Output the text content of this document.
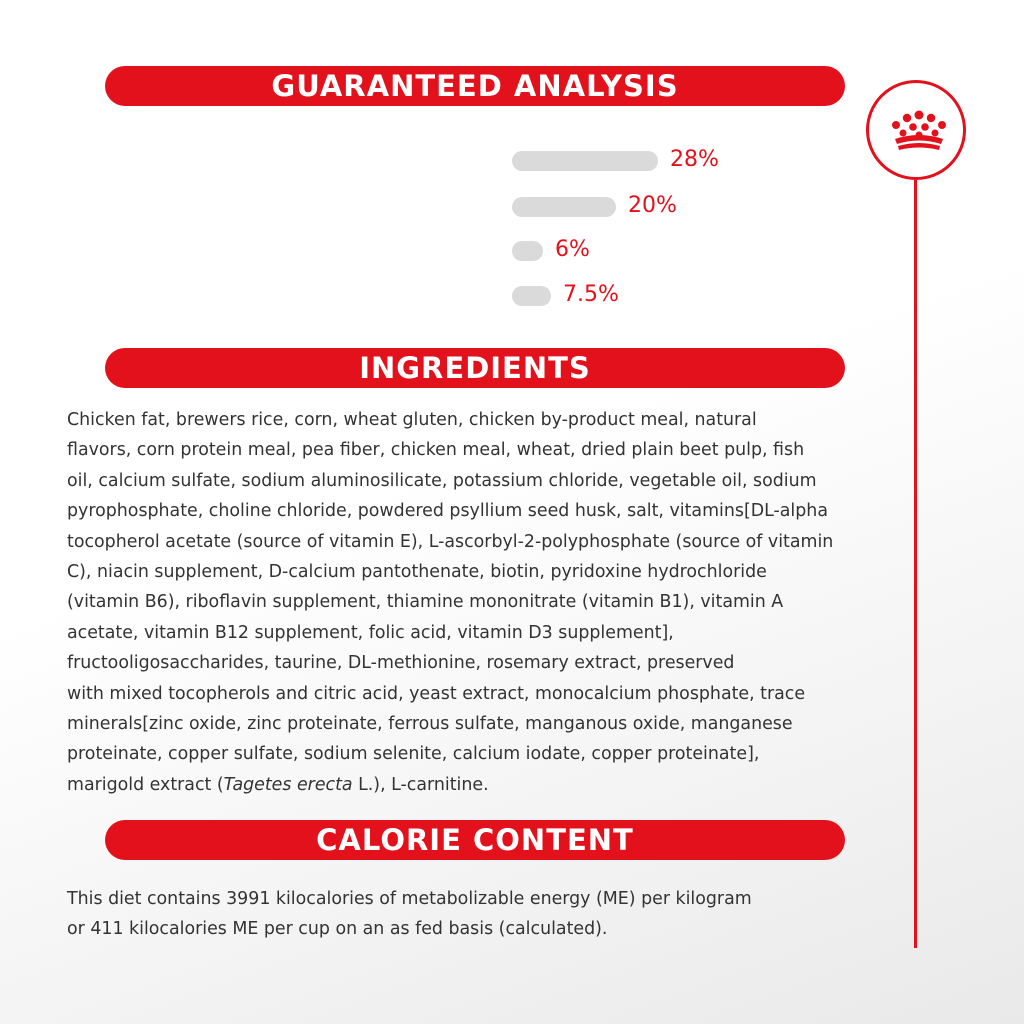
GUARANTEED ANALYSIS
28%
20%
6%
7.5%
INGREDIENTS
Chicken fat, brewers rice, corn, wheat gluten, chicken by-product meal, natural
flavors, corn protein meal, pea fiber, chicken meal, wheat, dried plain beet pulp, fish
oil, calcium sulfate, sodium aluminosilicate, potassium chloride, vegetable oil, sodium
pyrophosphate, choline chloride, powdered psyllium seed husk, salt, vitamins[DL-alpha
tocopherol acetate (source of vitamin E), L-ascorbyl-2-polyphosphate (source of vitamin
C), niacin supplement, D-calcium pantothenate, biotin, pyridoxine hydrochloride
(vitamin B6), riboflavin supplement, thiamine mononitrate (vitamin B1), vitamin A
acetate, vitamin B12 supplement, folic acid, vitamin D3 supplement],
fructooligosaccharides, taurine, DL-methionine, rosemary extract, preserved
with mixed tocopherols and citric acid, yeast extract, monocalcium phosphate, trace
minerals[zinc oxide, zinc proteinate, ferrous sulfate, manganous oxide, manganese
proteinate, copper sulfate, sodium selenite, calcium iodate, copper proteinate],
marigold extract (Tagetes erecta L.), L-carnitine.
CALORIE CONTENT
This diet contains 3991 kilocalories of metabolizable energy (ME) per kilogram
or 411 kilocalories ME per cup on an as fed basis (calculated).
